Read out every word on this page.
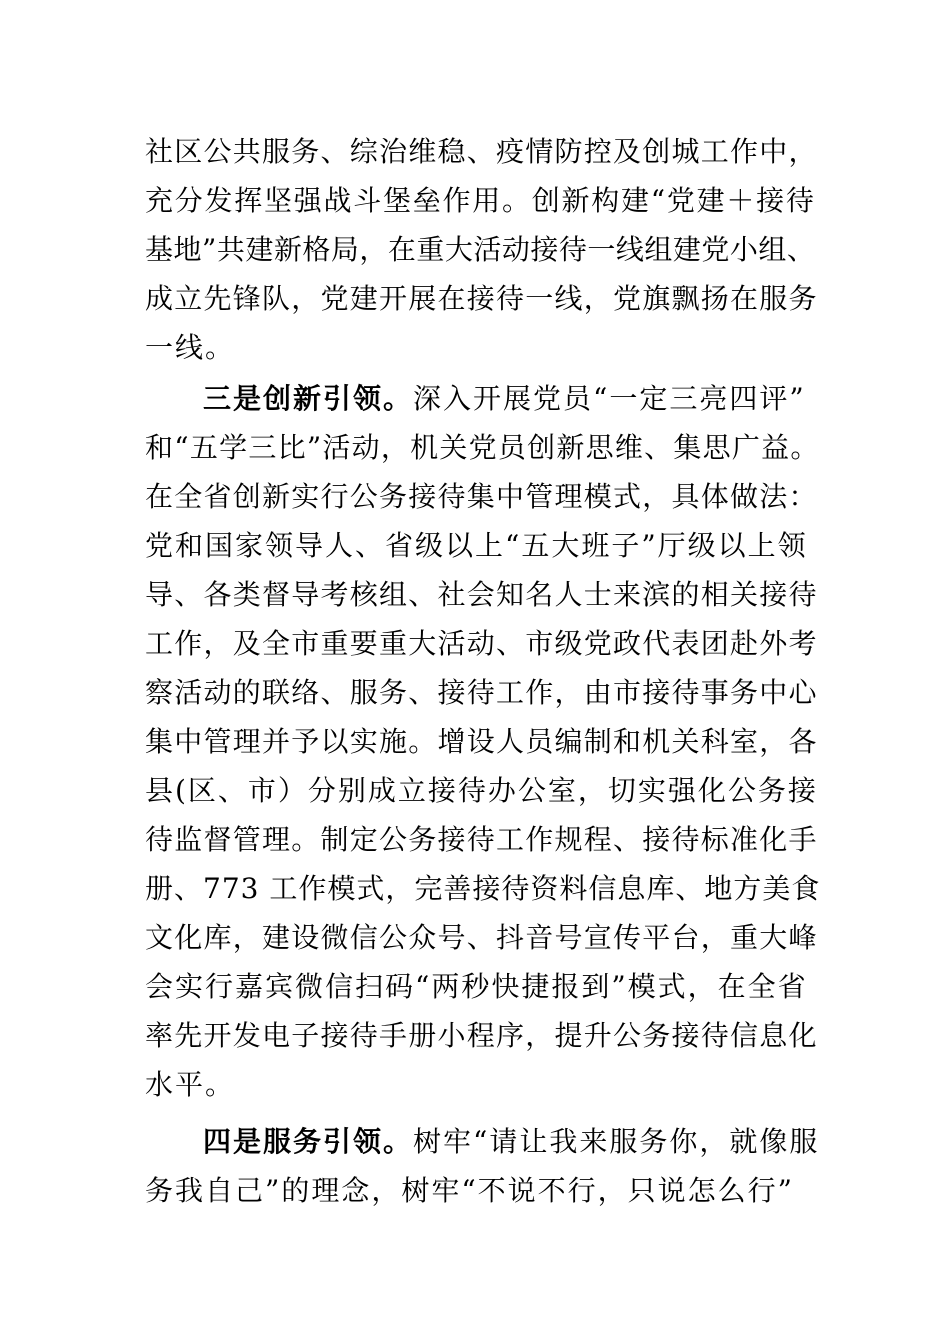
社区公共服务、综治维稳、疫情防控及创城工作中，
充分发挥坚强战斗堡垒作用。创新构建“党建＋接待
基地”共建新格局，在重大活动接待一线组建党小组、
成立先锋队，党建开展在接待一线，党旗飘扬在服务
一线。
三是创新引领。深入开展党员“一定三亮四评”
和“五学三比”活动，机关党员创新思维、集思广益。
在全省创新实行公务接待集中管理模式，具体做法：
党和国家领导人、省级以上“五大班子”厅级以上领
导、各类督导考核组、社会知名人士来滨的相关接待
工作，及全市重要重大活动、市级党政代表团赴外考
察活动的联络、服务、接待工作，由市接待事务中心
集中管理并予以实施。增设人员编制和机关科室，各
县(区、市）分别成立接待办公室，切实强化公务接
待监督管理。制定公务接待工作规程、接待标准化手
册、773 工作模式，完善接待资料信息库、地方美食
文化库，建设微信公众号、抖音号宣传平台，重大峰
会实行嘉宾微信扫码“两秒快捷报到”模式，在全省
率先开发电子接待手册小程序，提升公务接待信息化
水平。
四是服务引领。树牢“请让我来服务你，就像服
务我自己”的理念，树牢“不说不行，只说怎么行”
